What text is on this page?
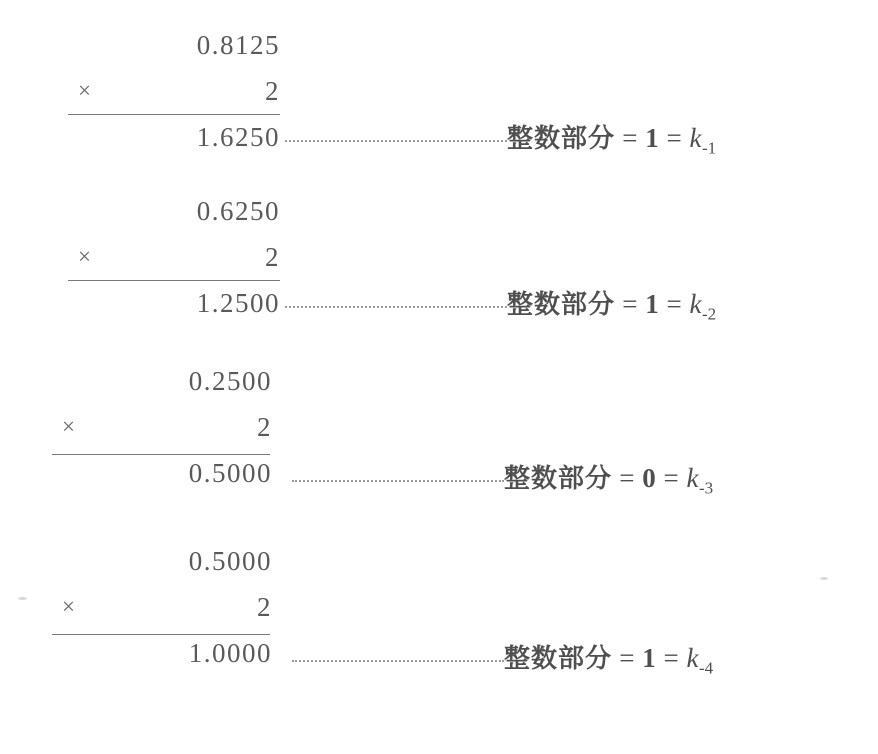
0.8125
×	2
1.6250	整数部分 = $1 = k_{-1}$
0.6250
×	2
1.2500	整数部分 = $1 = k_{-2}$
0.2500
×	2
0.5000	整数部分 = $0 = k_{-3}$
0.5000
×	2
1.0000	整数部分 = $1 = k_{-4}$
